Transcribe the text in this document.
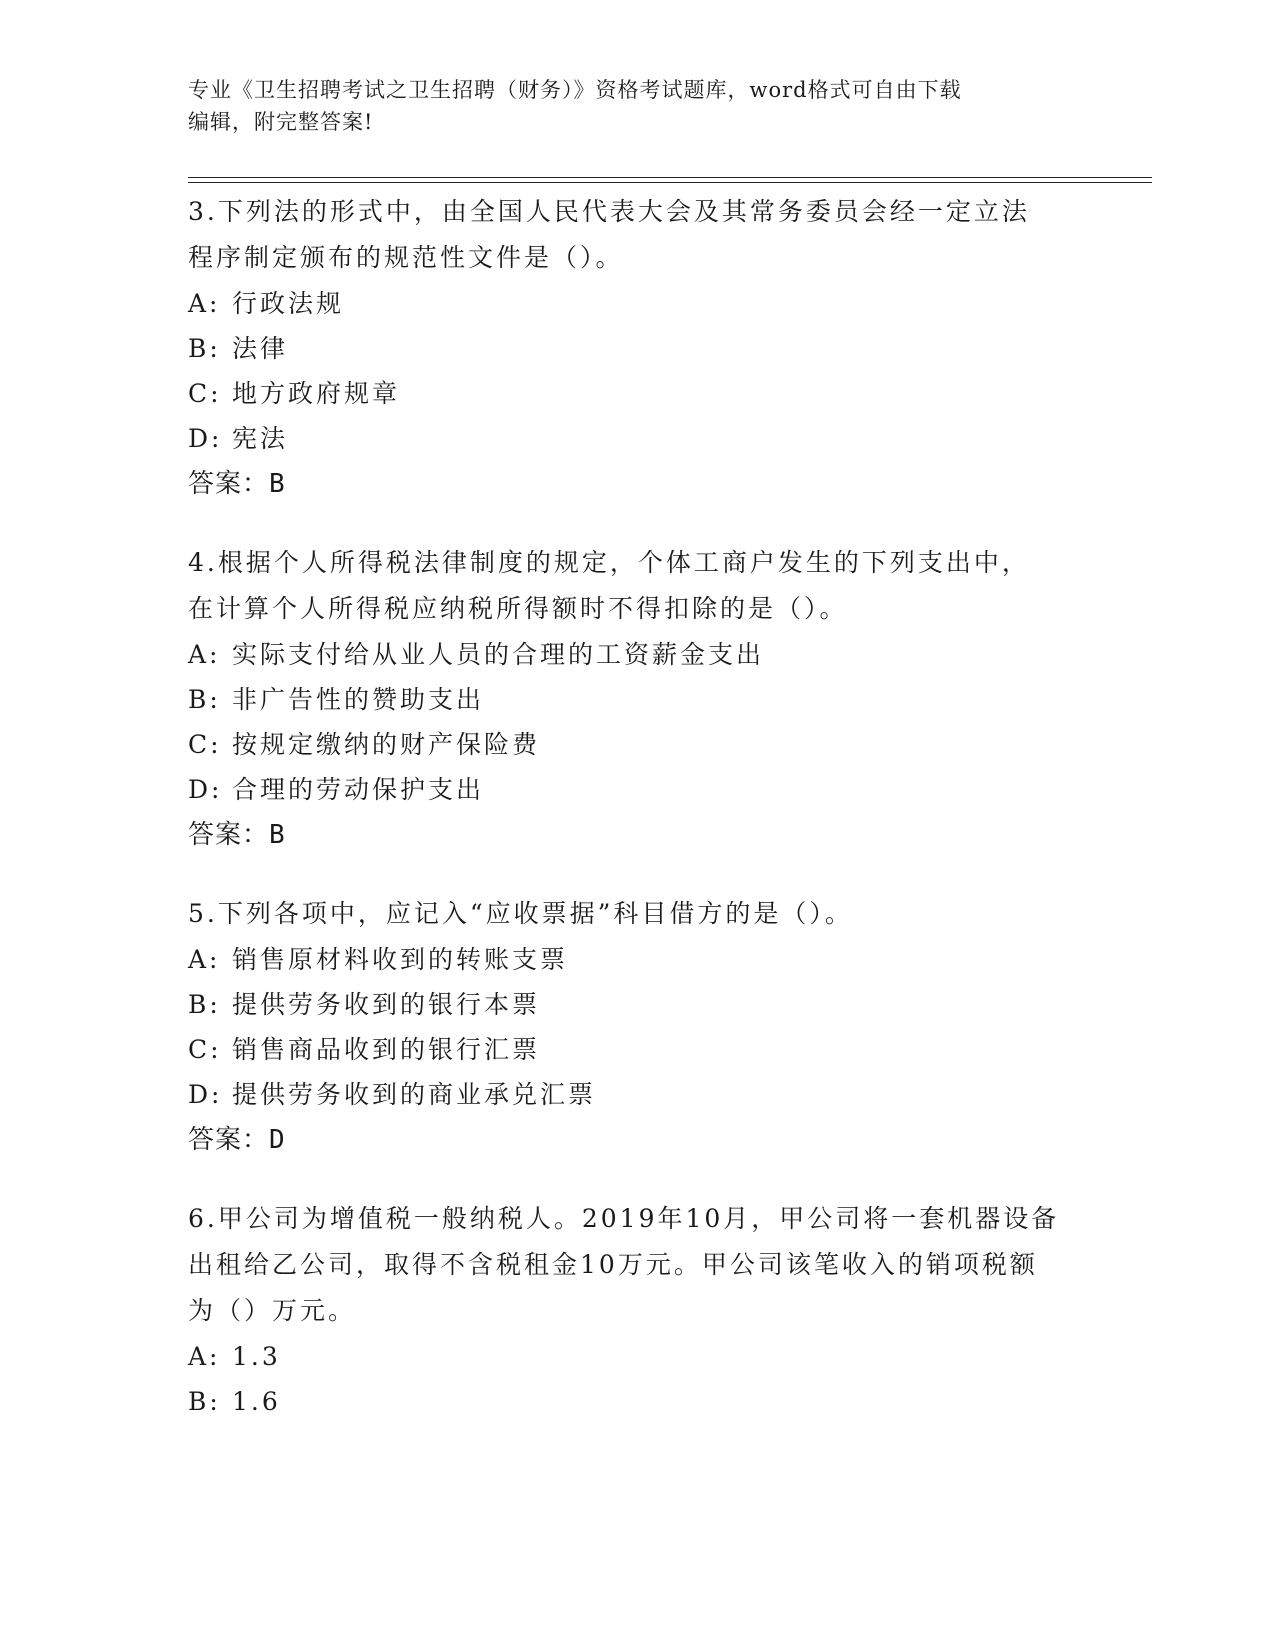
专业《卫生招聘考试之卫生招聘（财务）》资格考试题库，word格式可自由下载
编辑，附完整答案!

3.下列法的形式中，由全国人民代表大会及其常务委员会经一定立法

程序制定颁布的规范性文件是（）。

A: 行政法规

B: 法律

C: 地方政府规章

D: 宪法

答案：B

4.根据个人所得税法律制度的规定，个体工商户发生的下列支出中，

在计算个人所得税应纳税所得额时不得扣除的是（）。

A: 实际支付给从业人员的合理的工资薪金支出

B: 非广告性的赞助支出

C: 按规定缴纳的财产保险费

D: 合理的劳动保护支出

答案：B

5.下列各项中，应记入“应收票据”科目借方的是（）。

A: 销售原材料收到的转账支票

B: 提供劳务收到的银行本票

C: 销售商品收到的银行汇票

D: 提供劳务收到的商业承兑汇票

答案：D

6.甲公司为增值税一般纳税人。2019年10月，甲公司将一套机器设备

出租给乙公司，取得不含税租金10万元。甲公司该笔收入的销项税额

为（）万元。

A: 1.3

B: 1.6
